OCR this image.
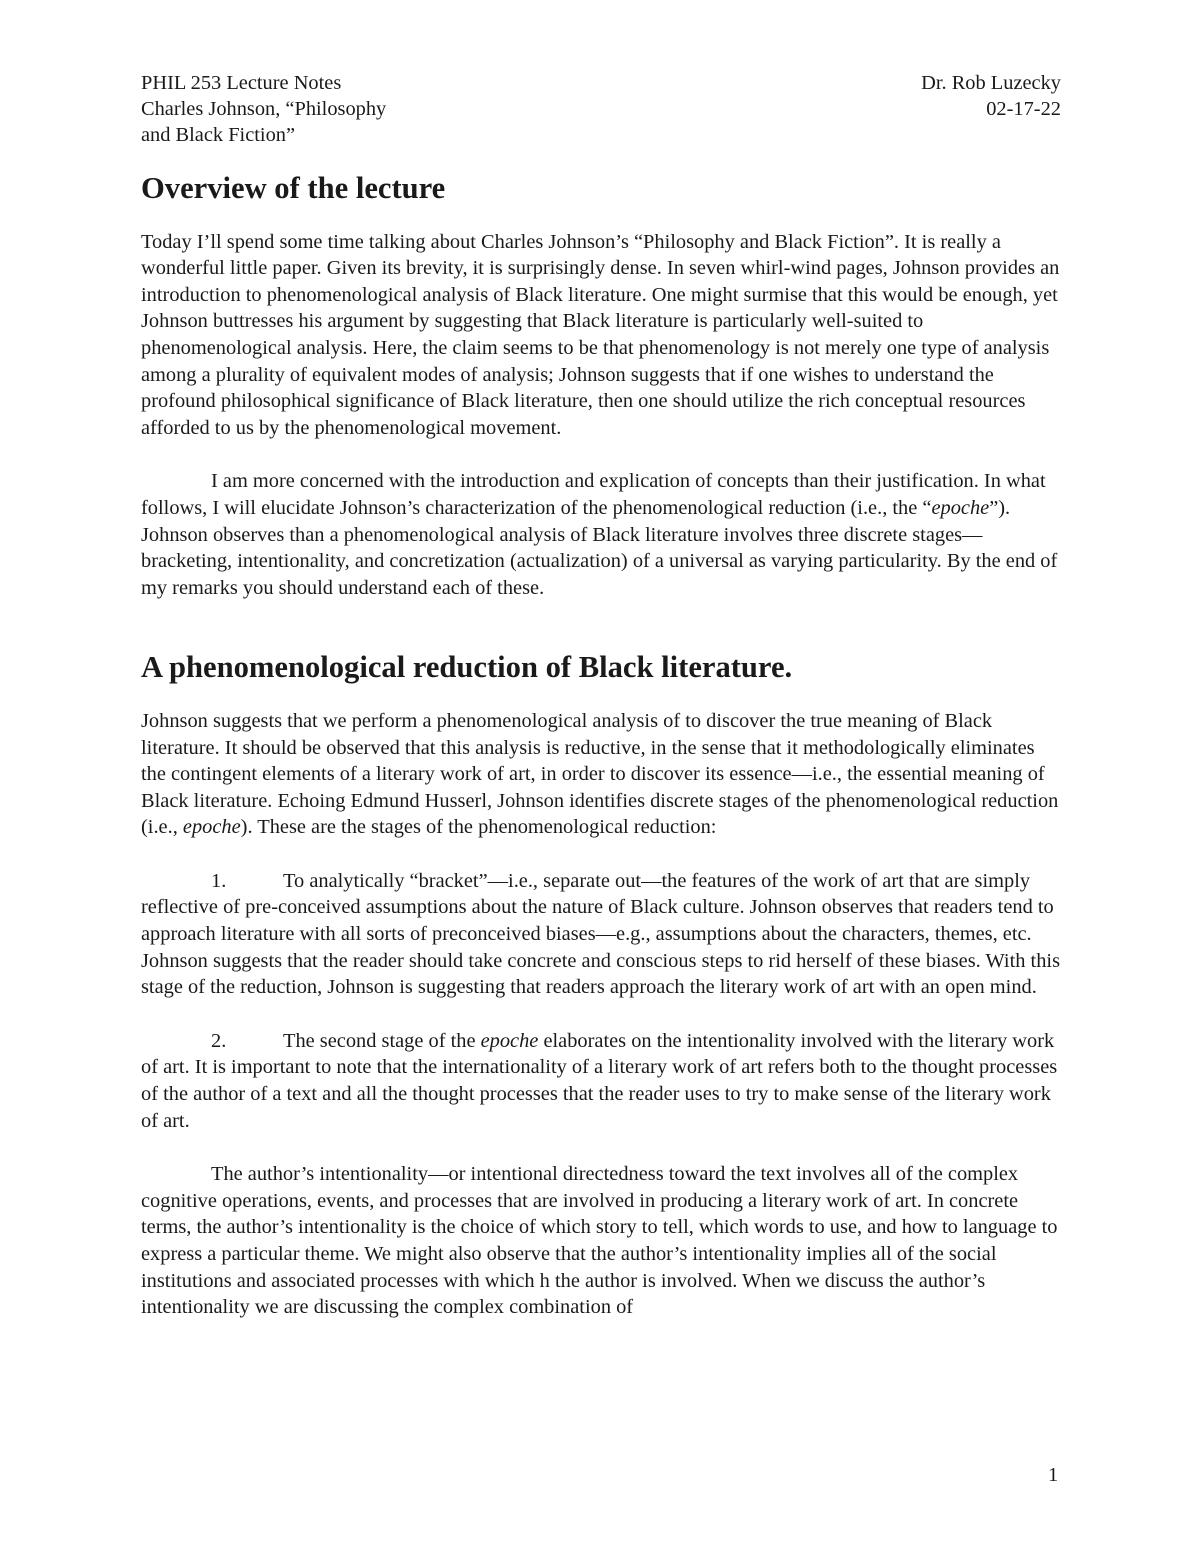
PHIL 253 Lecture Notes
Charles Johnson, “Philosophy
and Black Fiction”
Dr. Rob Luzecky
02-17-22
Overview of the lecture

Today I’ll spend some time talking about Charles Johnson’s “Philosophy and Black Fiction”. It is really a wonderful little paper. Given its brevity, it is surprisingly dense. In seven whirl-wind pages, Johnson provides an introduction to phenomenological analysis of Black literature. One might surmise that this would be enough, yet Johnson buttresses his argument by suggesting that Black literature is particularly well-suited to phenomenological analysis. Here, the claim seems to be that phenomenology is not merely one type of analysis among a plurality of equivalent modes of analysis; Johnson suggests that if one wishes to understand the profound philosophical significance of Black literature, then one should utilize the rich conceptual resources afforded to us by the phenomenological movement.

I am more concerned with the introduction and explication of concepts than their justification. In what follows, I will elucidate Johnson’s characterization of the phenomenological reduction (i.e., the “epoche”). Johnson observes than a phenomenological analysis of Black literature involves three discrete stages—bracketing, intentionality, and concretization (actualization) of a universal as varying particularity. By the end of my remarks you should understand each of these.

A phenomenological reduction of Black literature.

Johnson suggests that we perform a phenomenological analysis of to discover the true meaning of Black literature. It should be observed that this analysis is reductive, in the sense that it methodologically eliminates the contingent elements of a literary work of art, in order to discover its essence—i.e., the essential meaning of Black literature. Echoing Edmund Husserl, Johnson identifies discrete stages of the phenomenological reduction (i.e., epoche). These are the stages of the phenomenological reduction:

1.	To analytically “bracket”—i.e., separate out—the features of the work of art that are simply reflective of pre-conceived assumptions about the nature of Black culture. Johnson observes that readers tend to approach literature with all sorts of preconceived biases—e.g., assumptions about the characters, themes, etc. Johnson suggests that the reader should take concrete and conscious steps to rid herself of these biases. With this stage of the reduction, Johnson is suggesting that readers approach the literary work of art with an open mind.

2.	The second stage of the epoche elaborates on the intentionality involved with the literary work of art. It is important to note that the internationality of a literary work of art refers both to the thought processes of the author of a text and all the thought processes that the reader uses to try to make sense of the literary work of art.

The author’s intentionality—or intentional directedness toward the text involves all of the complex cognitive operations, events, and processes that are involved in producing a literary work of art. In concrete terms, the author’s intentionality is the choice of which story to tell, which words to use, and how to language to express a particular theme. We might also observe that the author’s intentionality implies all of the social institutions and associated processes with which h the author is involved. When we discuss the author’s intentionality we are discussing the complex combination of

1
